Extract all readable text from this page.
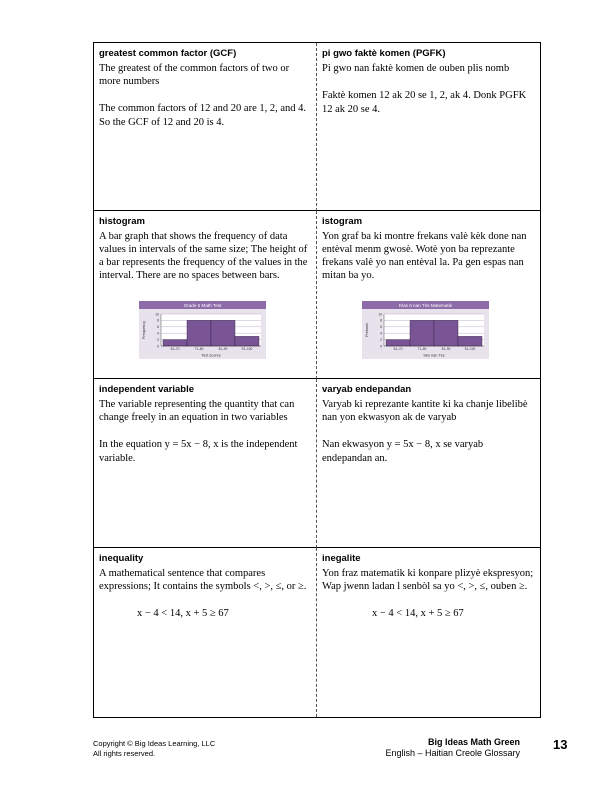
greatest common factor (GCF)
The greatest of the common factors of two or more numbers
The common factors of 12 and 20 are 1, 2, and 4. So the GCF of 12 and 20 is 4.
pi gwo faktè komen (PGFK)
Pi gwo nan faktè komen de ouben plis nomb
Faktè komen 12 ak 20 se 1, 2, ak 4. Donk PGFK 12 ak 20 se 4.
histogram
A bar graph that shows the frequency of data values in intervals of the same size; The height of a bar represents the frequency of the values in the interval. There are no spaces between bars.
Grade 6 Math Test
0
2
4
6
8
10
61–70	71–80	81–90	91–100
Test scores
Frequency
istogram
Yon graf ba ki montre frekans valè kèk done nan entèval menm gwosè. Wotè yon ba reprezante frekans valè yo nan entèval la. Pa gen espas nan mitan ba yo.
Klas 6 nan Tès Matematik
0
2
4
6
8
10
61–70	71–80	81–90	91–100
Skò nan Tès
Frekans
independent variable
The variable representing the quantity that can change freely in an equation in two variables
In the equation y = 5x − 8, x is the independent variable.
varyab endepandan
Varyab ki reprezante kantite ki ka chanje libelibè nan yon ekwasyon ak de varyab
Nan ekwasyon y = 5x − 8, x se varyab endepandan an.
inequality
A mathematical sentence that compares expressions; It contains the symbols <, >, ≤, or ≥.
x − 4 < 14, x + 5 ≥ 67
inegalite
Yon fraz matematik ki konpare plizyè ekspresyon; Wap jwenn ladan l senbòl sa yo <, >, ≤, ouben ≥.
x − 4 < 14, x + 5 ≥ 67
Copyright © Big Ideas Learning, LLC
All rights reserved.
Big Ideas Math Green
English – Haitian Creole Glossary
13
